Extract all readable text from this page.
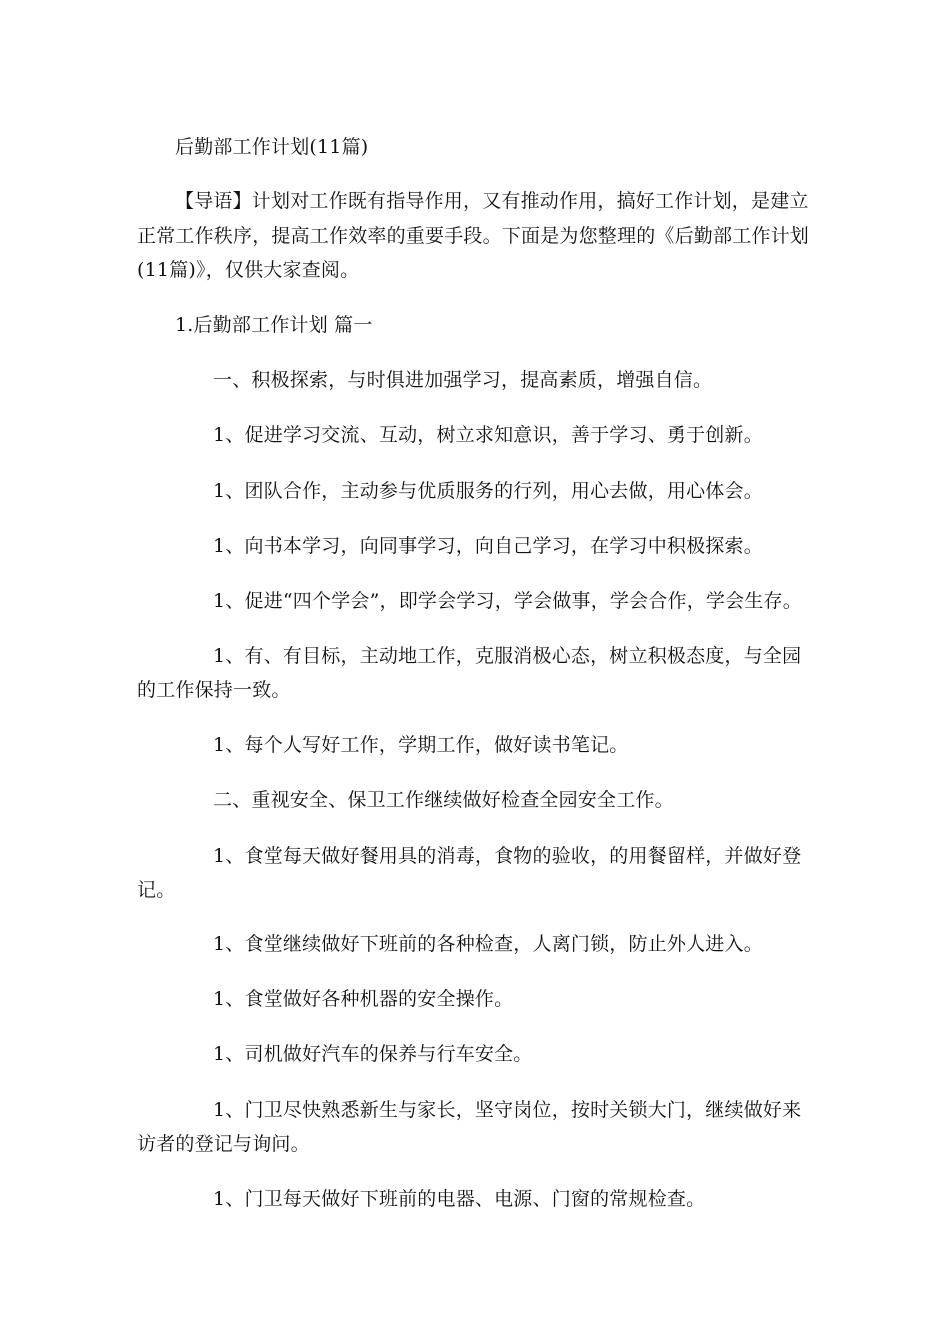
后勤部工作计划(11篇)
【导语】计划对工作既有指导作用，又有推动作用，搞好工作计划，是建立
正常工作秩序，提高工作效率的重要手段。下面是为您整理的《后勤部工作计划
(11篇)》，仅供大家查阅。
1.后勤部工作计划 篇一
一、积极探索，与时俱进加强学习，提高素质，增强自信。
1、促进学习交流、互动，树立求知意识，善于学习、勇于创新。
1、团队合作，主动参与优质服务的行列，用心去做，用心体会。
1、向书本学习，向同事学习，向自己学习，在学习中积极探索。
1、促进“四个学会”，即学会学习，学会做事，学会合作，学会生存。
1、有、有目标，主动地工作，克服消极心态，树立积极态度，与全园
的工作保持一致。
1、每个人写好工作，学期工作，做好读书笔记。
二、重视安全、保卫工作继续做好检查全园安全工作。
1、食堂每天做好餐用具的消毒，食物的验收，的用餐留样，并做好登
记。
1、食堂继续做好下班前的各种检查，人离门锁，防止外人进入。
1、食堂做好各种机器的安全操作。
1、司机做好汽车的保养与行车安全。
1、门卫尽快熟悉新生与家长，坚守岗位，按时关锁大门，继续做好来
访者的登记与询问。
1、门卫每天做好下班前的电器、电源、门窗的常规检查。
